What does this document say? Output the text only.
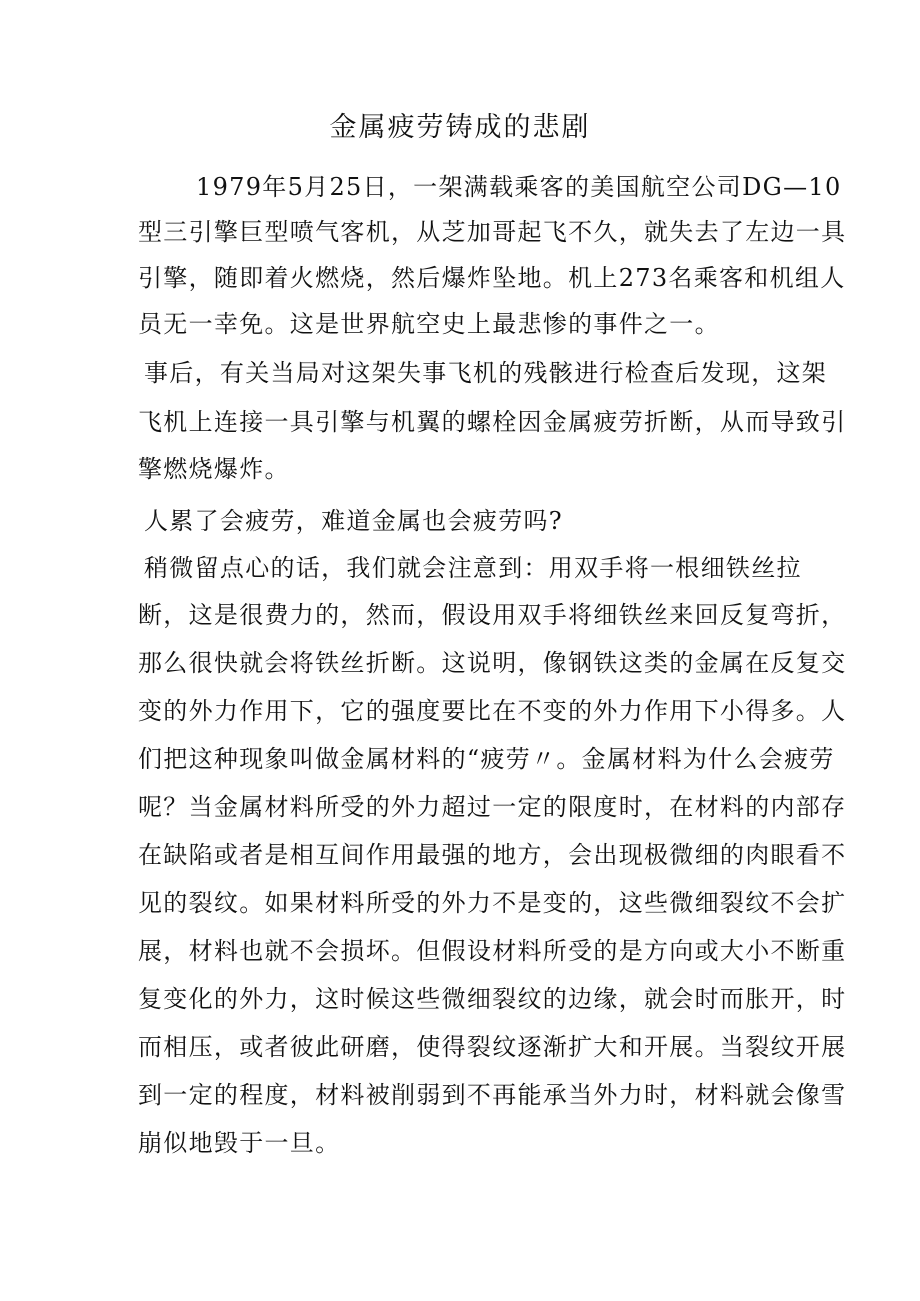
金属疲劳铸成的悲剧
1979年5月25日，一架满载乘客的美国航空公司DG—10
型三引擎巨型喷气客机，从芝加哥起飞不久，就失去了左边一具
引擎，随即着火燃烧，然后爆炸坠地。机上273名乘客和机组人
员无一幸免。这是世界航空史上最悲惨的事件之一。
事后，有关当局对这架失事飞机的残骸进行检查后发现，这架
飞机上连接一具引擎与机翼的螺栓因金属疲劳折断，从而导致引
擎燃烧爆炸。
人累了会疲劳，难道金属也会疲劳吗?
稍微留点心的话，我们就会注意到：用双手将一根细铁丝拉
断，这是很费力的，然而，假设用双手将细铁丝来回反复弯折，
那么很快就会将铁丝折断。这说明，像钢铁这类的金属在反复交
变的外力作用下，它的强度要比在不变的外力作用下小得多。人
们把这种现象叫做金属材料的“疲劳〃。金属材料为什么会疲劳
呢？当金属材料所受的外力超过一定的限度时，在材料的内部存
在缺陷或者是相互间作用最强的地方，会出现极微细的肉眼看不
见的裂纹。如果材料所受的外力不是变的，这些微细裂纹不会扩
展，材料也就不会损坏。但假设材料所受的是方向或大小不断重
复变化的外力，这时候这些微细裂纹的边缘，就会时而胀开，时
而相压，或者彼此研磨，使得裂纹逐渐扩大和开展。当裂纹开展
到一定的程度，材料被削弱到不再能承当外力时，材料就会像雪
崩似地毁于一旦。
